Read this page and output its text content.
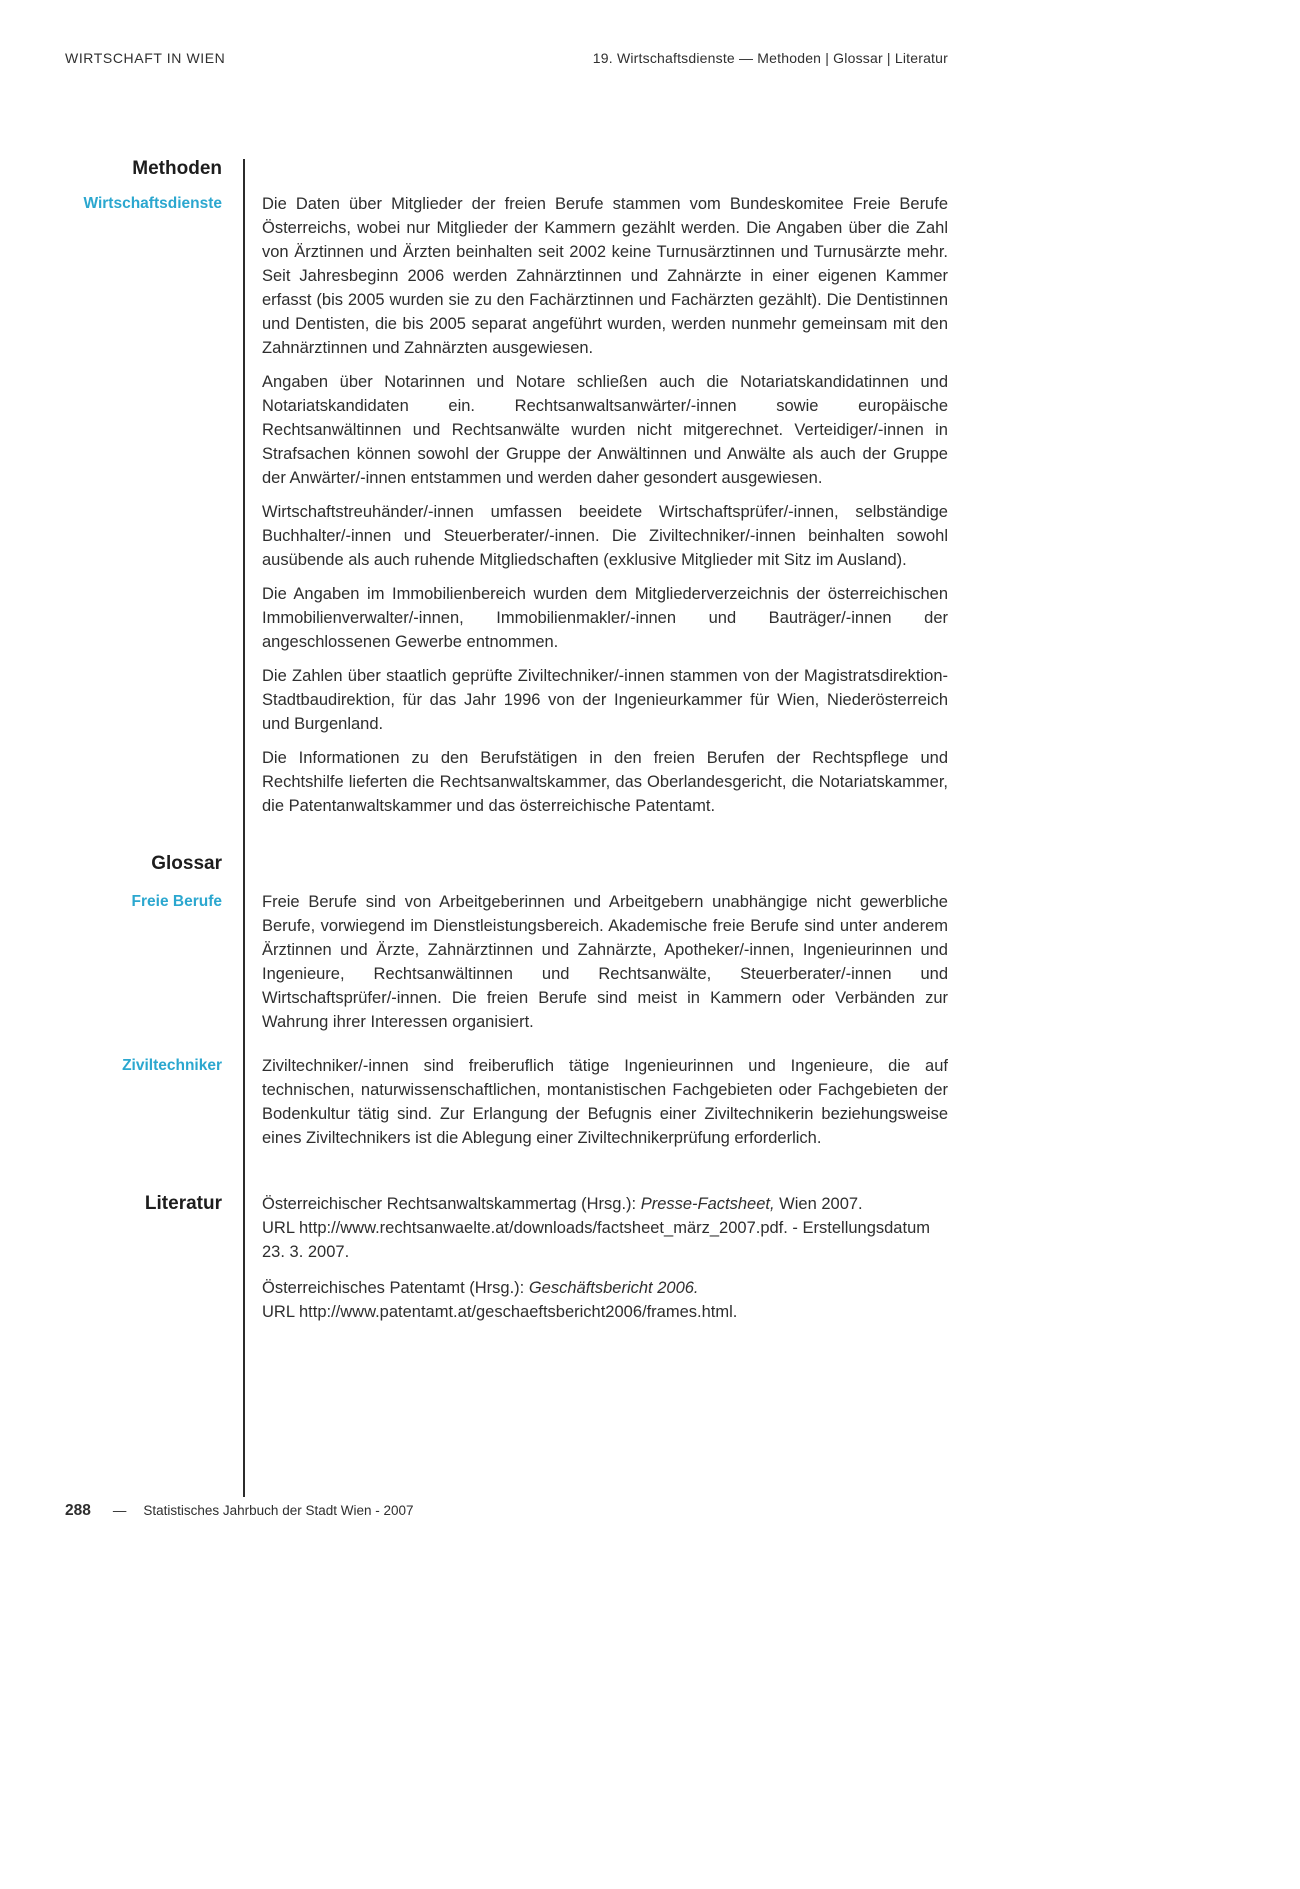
WIRTSCHAFT IN WIEN	19. Wirtschaftsdienste — Methoden | Glossar | Literatur
Methoden
Wirtschaftsdienste	Die Daten über Mitglieder der freien Berufe stammen vom Bundeskomitee Freie Berufe Österreichs, wobei nur Mitglieder der Kammern gezählt werden. Die Angaben über die Zahl von Ärztinnen und Ärzten beinhalten seit 2002 keine Turnusärztinnen und Turnusärzte mehr. Seit Jahresbeginn 2006 werden Zahnärztinnen und Zahnärzte in einer eigenen Kammer erfasst (bis 2005 wurden sie zu den Fachärztinnen und Fachärzten gezählt). Die Dentistinnen und Dentisten, die bis 2005 separat angeführt wurden, werden nunmehr gemeinsam mit den Zahnärztinnen und Zahnärzten ausgewiesen.

Angaben über Notarinnen und Notare schließen auch die Notariatskandidatinnen und Notariatskandidaten ein. Rechtsanwaltsanwärter/-innen sowie europäische Rechtsanwältinnen und Rechtsanwälte wurden nicht mitgerechnet. Verteidiger/-innen in Strafsachen können sowohl der Gruppe der Anwältinnen und Anwälte als auch der Gruppe der Anwärter/-innen entstammen und werden daher gesondert ausgewiesen.

Wirtschaftstreuhänder/-innen umfassen beeidete Wirtschaftsprüfer/-innen, selbständige Buchhalter/-innen und Steuerberater/-innen. Die Ziviltechniker/-innen beinhalten sowohl ausübende als auch ruhende Mitgliedschaften (exklusive Mitglieder mit Sitz im Ausland).

Die Angaben im Immobilienbereich wurden dem Mitgliederverzeichnis der österreichischen Immobilienverwalter/-innen, Immobilienmakler/-innen und Bauträger/-innen der angeschlossenen Gewerbe entnommen.

Die Zahlen über staatlich geprüfte Ziviltechniker/-innen stammen von der Magistratsdirektion-Stadtbaudirektion, für das Jahr 1996 von der Ingenieurkammer für Wien, Niederösterreich und Burgenland.

Die Informationen zu den Berufstätigen in den freien Berufen der Rechtspflege und Rechtshilfe lieferten die Rechtsanwaltskammer, das Oberlandesgericht, die Notariatskammer, die Patentanwaltskammer und das österreichische Patentamt.

Glossar
Freie Berufe	Freie Berufe sind von Arbeitgeberinnen und Arbeitgebern unabhängige nicht gewerbliche Berufe, vorwiegend im Dienstleistungsbereich. Akademische freie Berufe sind unter anderem Ärztinnen und Ärzte, Zahnärztinnen und Zahnärzte, Apotheker/-innen, Ingenieurinnen und Ingenieure, Rechtsanwältinnen und Rechtsanwälte, Steuerberater/-innen und Wirtschaftsprüfer/-innen. Die freien Berufe sind meist in Kammern oder Verbänden zur Wahrung ihrer Interessen organisiert.

Ziviltechniker	Ziviltechniker/-innen sind freiberuflich tätige Ingenieurinnen und Ingenieure, die auf technischen, naturwissenschaftlichen, montanistischen Fachgebieten oder Fachgebieten der Bodenkultur tätig sind. Zur Erlangung der Befugnis einer Ziviltechnikerin beziehungsweise eines Ziviltechnikers ist die Ablegung einer Ziviltechnikerprüfung erforderlich.

Literatur Österreichischer Rechtsanwaltskammertag (Hrsg.): Presse-Factsheet, Wien 2007.
URL http://www.rechtsanwaelte.at/downloads/factsheet_märz_2007.pdf. - Erstellungsdatum 23. 3. 2007.

Österreichisches Patentamt (Hrsg.): Geschäftsbericht 2006.
URL http://www.patentamt.at/geschaeftsbericht2006/frames.html.

288 — Statistisches Jahrbuch der Stadt Wien - 2007
